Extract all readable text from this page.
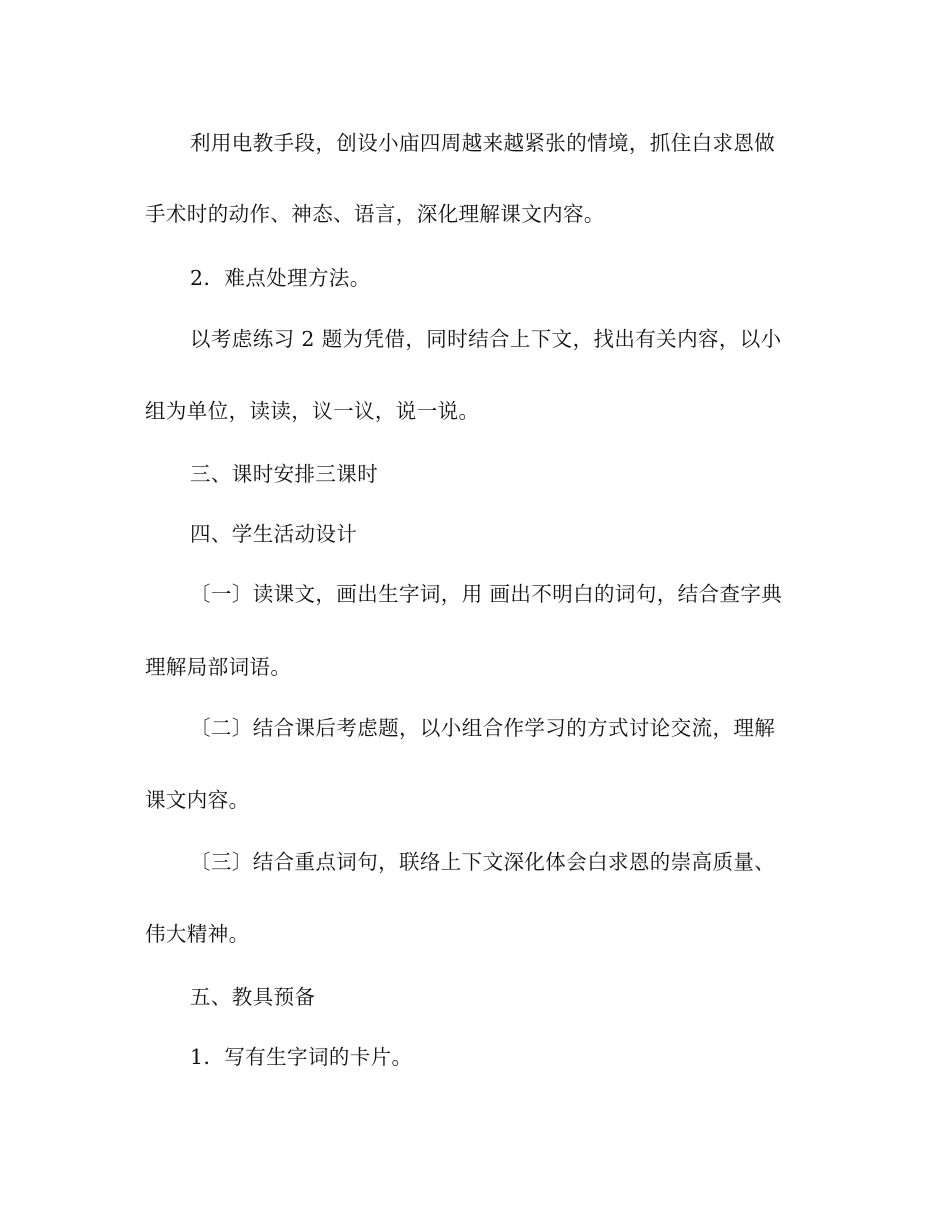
利用电教手段，创设小庙四周越来越紧张的情境，抓住白求恩做
手术时的动作、神态、语言，深化理解课文内容。
2．难点处理方法。
以考虑练习 2 题为凭借，同时结合上下文，找出有关内容，以小
组为单位，读读，议一议，说一说。
三、课时安排三课时
四、学生活动设计
〔一〕读课文，画出生字词，用 画出不明白的词句，结合查字典
理解局部词语。
〔二〕结合课后考虑题，以小组合作学习的方式讨论交流，理解
课文内容。
〔三〕结合重点词句，联络上下文深化体会白求恩的崇高质量、
伟大精神。
五、教具预备
1．写有生字词的卡片。
